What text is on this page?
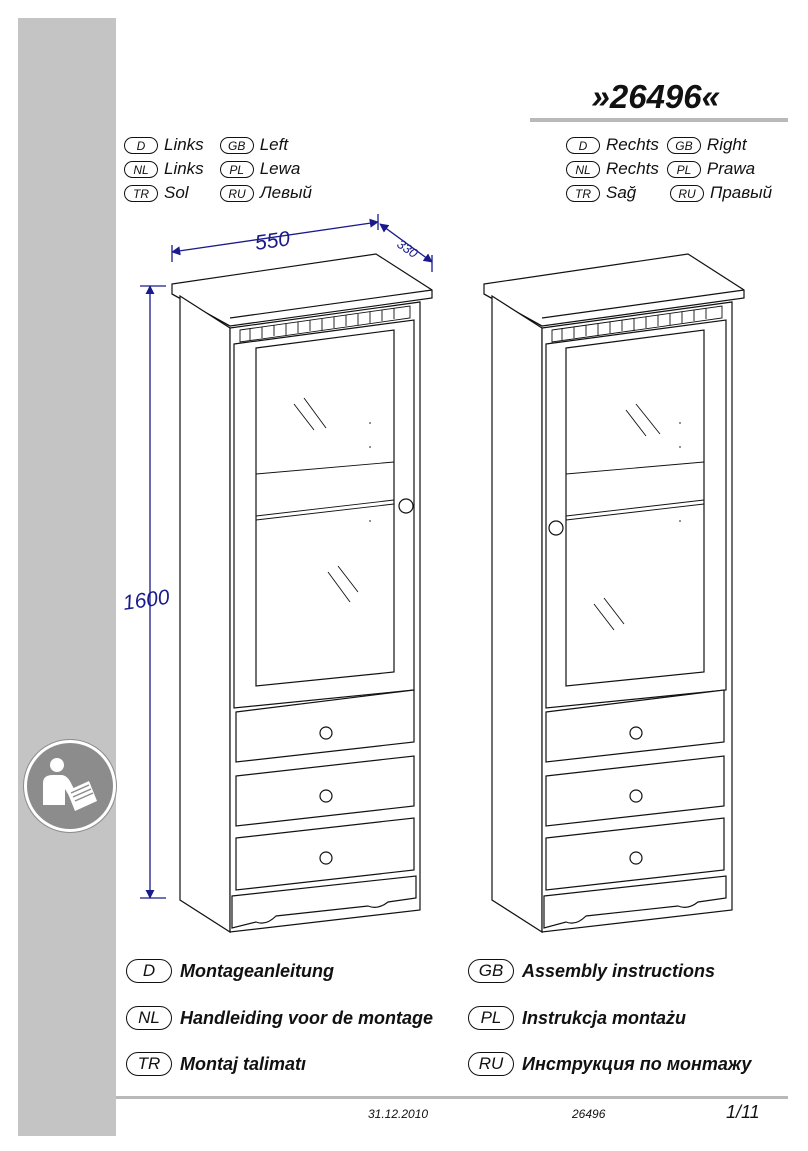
»26496«
D	Links	GB Left
NL Links	PL Lewa
TR Sol	RU Левый
D	Rechts	GB Right
NL Rechts	PL Prawa
TR Sağ	RU Правый
550	330
1600
D	Montageanleitung	GB	Assembly instructions
NL	Handleiding voor de montage	PL	Instrukcja montażu
TR	Montaj talimatı	RU	Инструкция по монтажу
31.12.2010	26496	1/11
